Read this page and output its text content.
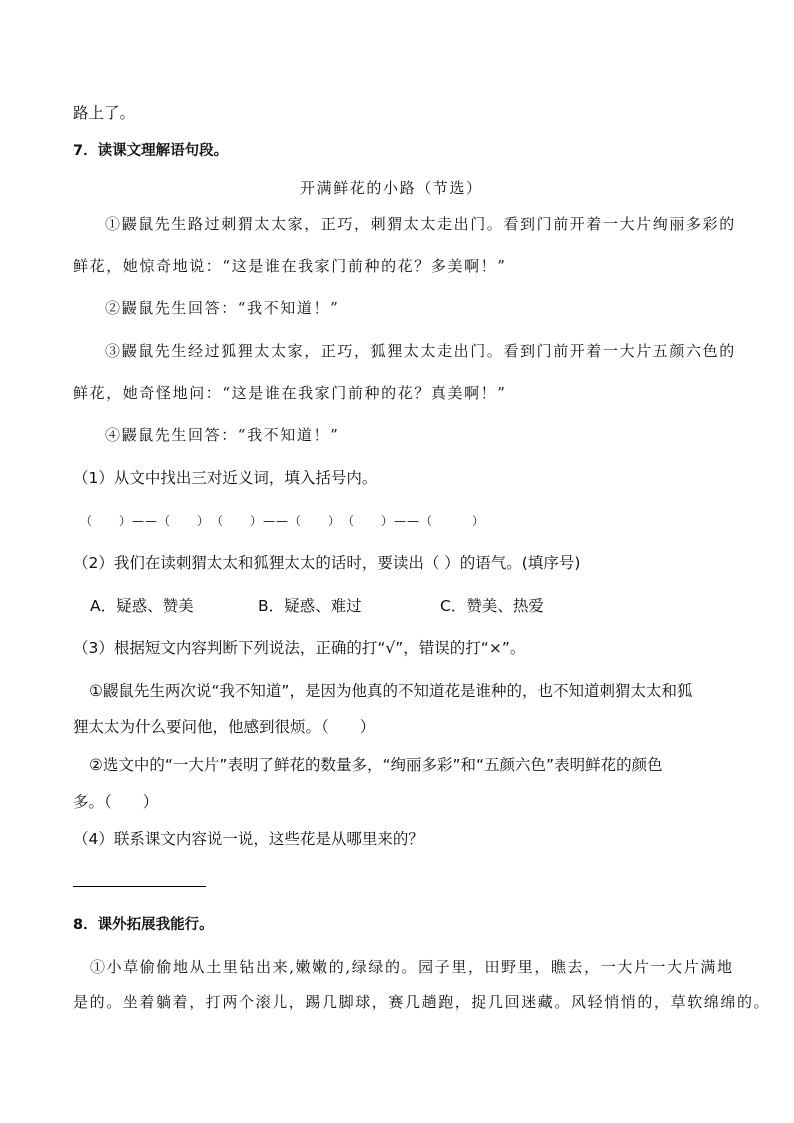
路上了。
7．读课文理解语句段。
开满鲜花的小路（节选）
①鼹鼠先生路过刺猬太太家，正巧，刺猬太太走出门。看到门前开着一大片绚丽多彩的
鲜花，她惊奇地说：“这是谁在我家门前种的花？多美啊！”
②鼹鼠先生回答：“我不知道！”
③鼹鼠先生经过狐狸太太家，正巧，狐狸太太走出门。看到门前开着一大片五颜六色的
鲜花，她奇怪地问：“这是谁在我家门前种的花？真美啊！”
④鼹鼠先生回答：“我不知道！”
（1）从文中找出三对近义词，填入括号内。
（　　）——（　　）　（　　）——（　　）　（　　）——（　　　）
（2）我们在读刺猬太太和狐狸太太的话时，要读出（ ）的语气。(填序号)
A．疑惑、赞美	B．疑惑、难过	C．赞美、热爱
（3）根据短文内容判断下列说法，正确的打“√”，错误的打“×”。
①鼹鼠先生两次说“我不知道”，是因为他真的不知道花是谁种的，也不知道刺猬太太和狐
狸太太为什么要问他，他感到很烦。（　　）
②选文中的“一大片”表明了鲜花的数量多，“绚丽多彩”和“五颜六色”表明鲜花的颜色
多。（　　）
（4）联系课文内容说一说，这些花是从哪里来的？
8．课外拓展我能行。
①小草偷偷地从土里钻出来,嫩嫩的,绿绿的。园子里，田野里，瞧去，一大片一大片满地
是的。坐着躺着，打两个滚儿，踢几脚球，赛几趟跑，捉几回迷藏。风轻悄悄的，草软绵绵的。
